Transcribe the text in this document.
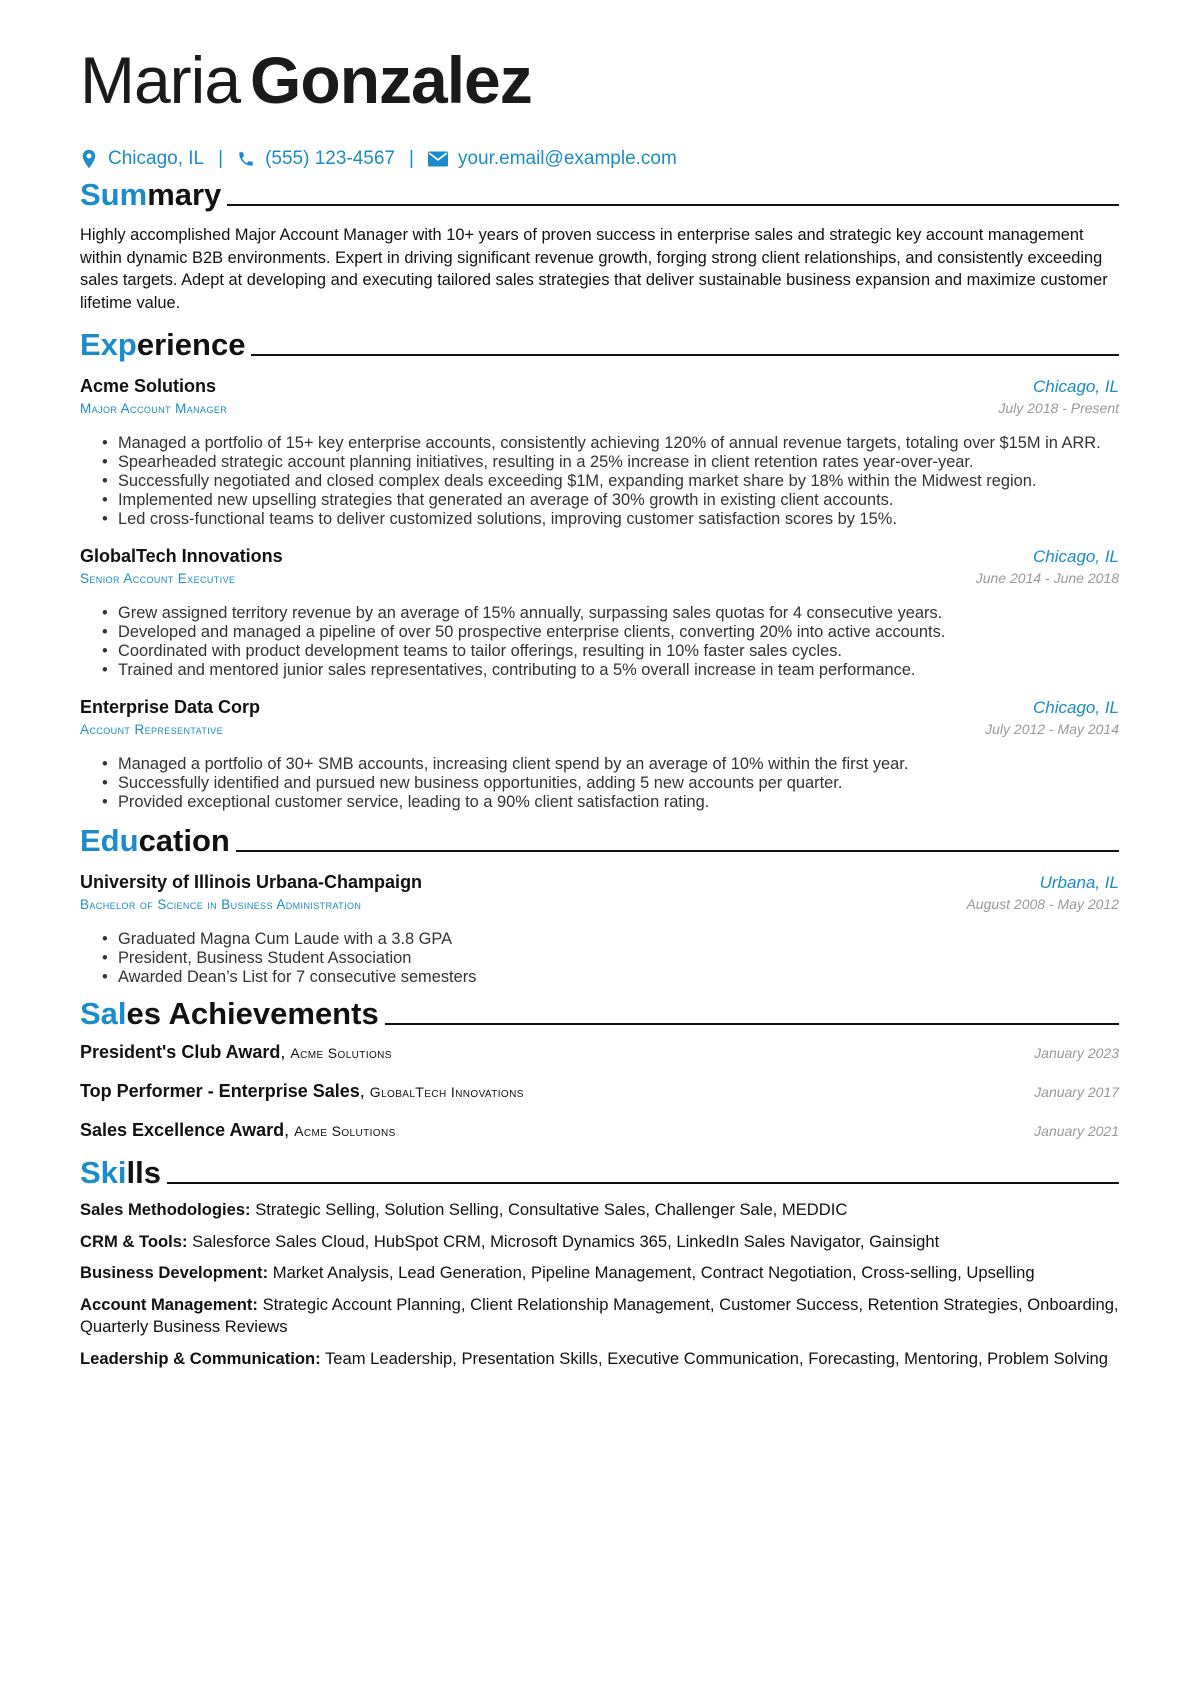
Maria Gonzalez
Chicago, IL | (555) 123-4567 | your.email@example.com
Summary
Highly accomplished Major Account Manager with 10+ years of proven success in enterprise sales and strategic key account management within dynamic B2B environments. Expert in driving significant revenue growth, forging strong client relationships, and consistently exceeding sales targets. Adept at developing and executing tailored sales strategies that deliver sustainable business expansion and maximize customer lifetime value.
Experience
Acme Solutions	Chicago, IL
Major Account Manager	July 2018 - Present
• Managed a portfolio of 15+ key enterprise accounts, consistently achieving 120% of annual revenue targets, totaling over $15M in ARR.
• Spearheaded strategic account planning initiatives, resulting in a 25% increase in client retention rates year-over-year.
• Successfully negotiated and closed complex deals exceeding $1M, expanding market share by 18% within the Midwest region.
• Implemented new upselling strategies that generated an average of 30% growth in existing client accounts.
• Led cross-functional teams to deliver customized solutions, improving customer satisfaction scores by 15%.
GlobalTech Innovations	Chicago, IL
Senior Account Executive	June 2014 - June 2018
• Grew assigned territory revenue by an average of 15% annually, surpassing sales quotas for 4 consecutive years.
• Developed and managed a pipeline of over 50 prospective enterprise clients, converting 20% into active accounts.
• Coordinated with product development teams to tailor offerings, resulting in 10% faster sales cycles.
• Trained and mentored junior sales representatives, contributing to a 5% overall increase in team performance.
Enterprise Data Corp	Chicago, IL
Account Representative	July 2012 - May 2014
• Managed a portfolio of 30+ SMB accounts, increasing client spend by an average of 10% within the first year.
• Successfully identified and pursued new business opportunities, adding 5 new accounts per quarter.
• Provided exceptional customer service, leading to a 90% client satisfaction rating.
Education
University of Illinois Urbana-Champaign	Urbana, IL
Bachelor of Science in Business Administration	August 2008 - May 2012
• Graduated Magna Cum Laude with a 3.8 GPA
• President, Business Student Association
• Awarded Dean’s List for 7 consecutive semesters
Sales Achievements
President's Club Award, Acme Solutions	January 2023
Top Performer - Enterprise Sales, GlobalTech Innovations	January 2017
Sales Excellence Award, Acme Solutions	January 2021
Skills
Sales Methodologies: Strategic Selling, Solution Selling, Consultative Sales, Challenger Sale, MEDDIC
CRM & Tools: Salesforce Sales Cloud, HubSpot CRM, Microsoft Dynamics 365, LinkedIn Sales Navigator, Gainsight
Business Development: Market Analysis, Lead Generation, Pipeline Management, Contract Negotiation, Cross-selling, Upselling
Account Management: Strategic Account Planning, Client Relationship Management, Customer Success, Retention Strategies, Onboarding, Quarterly Business Reviews
Leadership & Communication: Team Leadership, Presentation Skills, Executive Communication, Forecasting, Mentoring, Problem Solving
